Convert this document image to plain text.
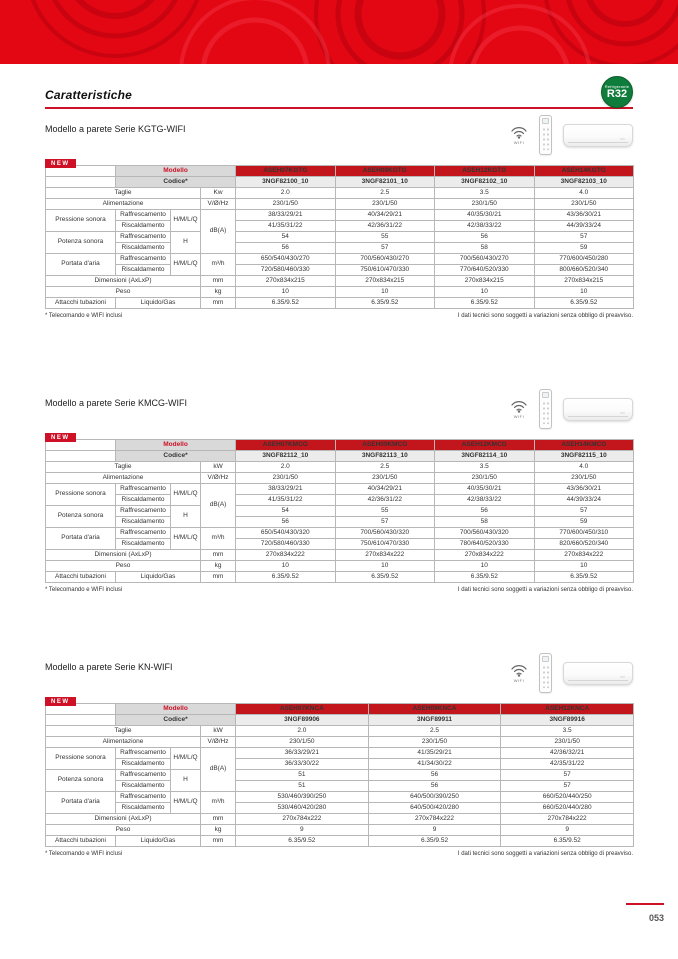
Caratteristiche
Refrigerante
R32
Modello a parete Serie KGTG-WIFI

NEW
WIFI
	Modello			ASEH07KGTG	ASEH09KGTG	ASEH12KGTG	ASEH14KGTG
	Codice*			3NGF82100_10	3NGF82101_10	3NGF82102_10	3NGF82103_10
Taglie			Kw	2.0	2.5	3.5	4.0
Alimentazione			V/Ø/Hz	230/1/50	230/1/50	230/1/50	230/1/50
Pressione sonora	Raffrescamento	H/M/L/Q	dB(A)	38/33/29/21	40/34/29/21	40/35/30/21	43/36/30/21
	Riscaldamento			41/35/31/22	42/36/31/22	42/38/33/22	44/39/33/24
Potenza sonora	Raffrescamento	H		54	55	56	57
	Riscaldamento			56	57	58	59
Portata d'aria	Raffrescamento	H/M/L/Q	m³/h	650/540/430/270	700/560/430/270	700/560/430/270	770/600/450/280
	Riscaldamento			720/580/460/330	750/610/470/330	770/640/520/330	800/660/520/340
Dimensioni (AxLxP)			mm	270x834x215	270x834x215	270x834x215	270x834x215
Peso			kg	10	10	10	10
Attacchi tubazioni	Liquido/Gas		mm	6.35/9.52	6.35/9.52	6.35/9.52	6.35/9.52
* Telecomando e WIFI inclusi	I dati tecnici sono soggetti a variazioni senza obbligo di preavviso.
Modello a parete Serie KMCG-WIFI

NEW
WIFI
	Modello			ASEH07KMCG	ASEH09KMCG	ASEH12KMCG	ASEH14KMCG
	Codice*			3NGF82112_10	3NGF82113_10	3NGF82114_10	3NGF82115_10
Taglie			kW	2.0	2.5	3.5	4.0
Alimentazione			V/Ø/Hz	230/1/50	230/1/50	230/1/50	230/1/50
Pressione sonora	Raffrescamento	H/M/L/Q	dB(A)	38/33/29/21	40/34/29/21	40/35/30/21	43/36/30/21
	Riscaldamento			41/35/31/22	42/36/31/22	42/38/33/22	44/39/33/24
Potenza sonora	Raffrescamento	H		54	55	56	57
	Riscaldamento			56	57	58	59
Portata d'aria	Raffrescamento	H/M/L/Q	m³/h	650/540/430/320	700/560/430/320	700/560/430/320	770/600/450/310
	Riscaldamento			720/580/460/330	750/610/470/330	780/640/520/330	820/660/520/340
Dimensioni (AxLxP)			mm	270x834x222	270x834x222	270x834x222	270x834x222
Peso			kg	10	10	10	10
Attacchi tubazioni	Liquido/Gas		mm	6.35/9.52	6.35/9.52	6.35/9.52	6.35/9.52
* Telecomando e WIFI inclusi	I dati tecnici sono soggetti a variazioni senza obbligo di preavviso.
Modello a parete Serie KN-WIFI

NEW
WIFI
	Modello			ASEH07KNCA	ASEH09KNCA	ASEH12KNCA
	Codice*			3NGF89906	3NGF89911	3NGF89916
Taglie			kW	2.0	2.5	3.5
Alimentazione			V/Ø/Hz	230/1/50	230/1/50	230/1/50
Pressione sonora	Raffrescamento	H/M/L/Q	dB(A)	36/33/29/21	41/35/29/21	42/36/32/21
	Riscaldamento			36/33/30/22	41/34/30/22	42/35/31/22
Potenza sonora	Raffrescamento	H		51	56	57
	Riscaldamento			51	56	57
Portata d'aria	Raffrescamento	H/M/L/Q	m³/h	530/460/390/250	640/500/390/250	660/520/440/250
	Riscaldamento			530/460/420/280	640/500/420/280	660/520/440/280
Dimensioni (AxLxP)			mm	270x784x222	270x784x222	270x784x222
Peso			kg	9	9	9
Attacchi tubazioni	Liquido/Gas		mm	6.35/9.52	6.35/9.52	6.35/9.52
* Telecomando e WIFI inclusi	I dati tecnici sono soggetti a variazioni senza obbligo di preavviso.
053
